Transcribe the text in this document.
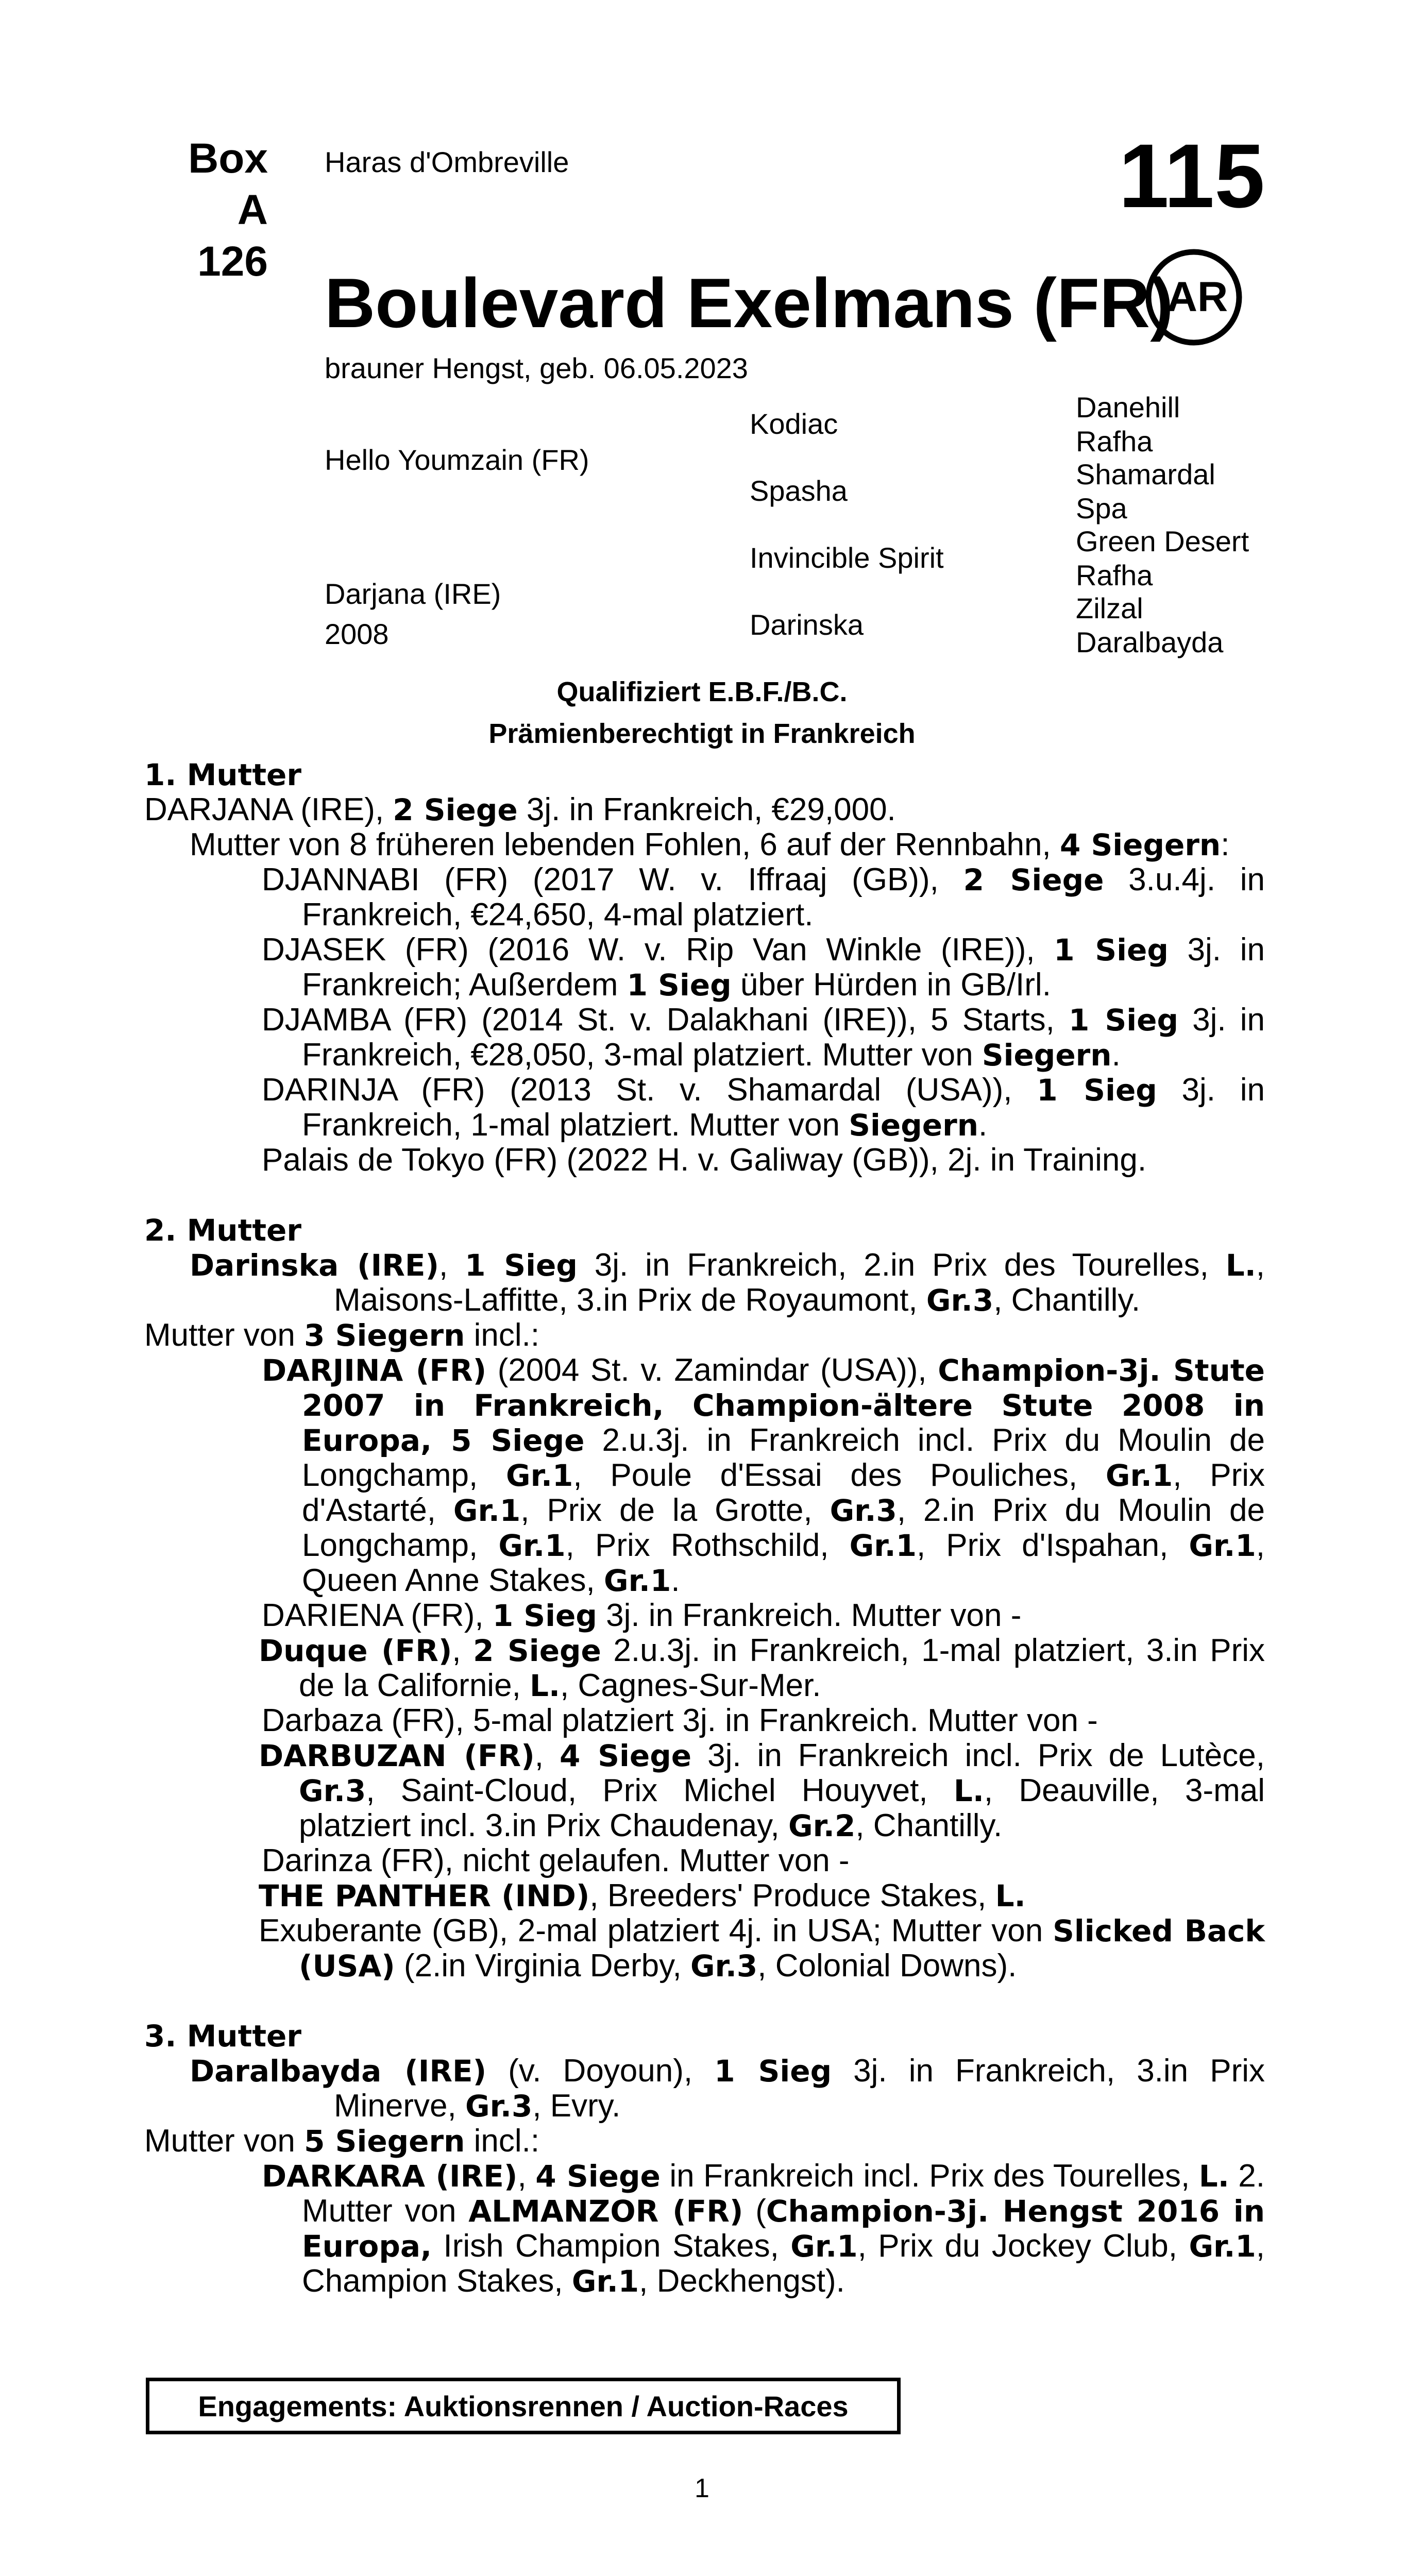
Box
A 126
Haras d'Ombreville	115
Boulevard Exelmans (FR)
AR
brauner Hengst, geb. 06.05.2023
Hello Youmzain (FR)
Darjana (IRE)
2008
Kodiac
Spasha
Invincible Spirit
Darinska
Danehill
Rafha
Shamardal
Spa
Green Desert
Rafha
Zilzal
Daralbayda
Qualifiziert E.B.F./B.C.
Prämienberechtigt in Frankreich
1. Mutter

DARJANA (IRE), 2 Siege 3j. in Frankreich, €29,000.

Mutter von 8 früheren lebenden Fohlen, 6 auf der Rennbahn, 4 Siegern:

DJANNABI (FR) (2017 W. v. Iffraaj (GB)), 2 Siege 3.u.4j. in Frankreich, €24,650, 4-mal platziert.

DJASEK (FR) (2016 W. v. Rip Van Winkle (IRE)), 1 Sieg 3j. in Frankreich; Außerdem 1 Sieg über Hürden in GB/Irl.

DJAMBA (FR) (2014 St. v. Dalakhani (IRE)), 5 Starts, 1 Sieg 3j. in Frankreich, €28,050, 3-mal platziert. Mutter von Siegern.

DARINJA (FR) (2013 St. v. Shamardal (USA)), 1 Sieg 3j. in Frankreich, 1-mal platziert. Mutter von Siegern.

Palais de Tokyo (FR) (2022 H. v. Galiway (GB)), 2j. in Training.

2. Mutter

Darinska (IRE), 1 Sieg 3j. in Frankreich, 2.in Prix des Tourelles, L., Maisons-Laffitte, 3.in Prix de Royaumont, Gr.3, Chantilly.

Mutter von 3 Siegern incl.:

DARJINA (FR) (2004 St. v. Zamindar (USA)), Champion-3j. Stute 2007 in Frankreich, Champion-ältere Stute 2008 in Europa, 5 Siege 2.u.3j. in Frankreich incl. Prix du Moulin de Longchamp, Gr.1, Poule d'Essai des Pouliches, Gr.1, Prix d'Astarté, Gr.1, Prix de la Grotte, Gr.3, 2.in Prix du Moulin de Longchamp, Gr.1, Prix Rothschild, Gr.1, Prix d'Ispahan, Gr.1, Queen Anne Stakes, Gr.1.

DARIENA (FR), 1 Sieg 3j. in Frankreich. Mutter von -

Duque (FR), 2 Siege 2.u.3j. in Frankreich, 1-mal platziert, 3.in Prix de la Californie, L., Cagnes-Sur-Mer.

Darbaza (FR), 5-mal platziert 3j. in Frankreich. Mutter von -

DARBUZAN (FR), 4 Siege 3j. in Frankreich incl. Prix de Lutèce, Gr.3, Saint-Cloud, Prix Michel Houyvet, L., Deauville, 3-mal platziert incl. 3.in Prix Chaudenay, Gr.2, Chantilly.

Darinza (FR), nicht gelaufen. Mutter von -

THE PANTHER (IND), Breeders' Produce Stakes, L.

Exuberante (GB), 2-mal platziert 4j. in USA; Mutter von Slicked Back (USA) (2.in Virginia Derby, Gr.3, Colonial Downs).

3. Mutter

Daralbayda (IRE) (v. Doyoun), 1 Sieg 3j. in Frankreich, 3.in Prix Minerve, Gr.3, Evry.

Mutter von 5 Siegern incl.:

DARKARA (IRE), 4 Siege in Frankreich incl. Prix des Tourelles, L. 2. Mutter von ALMANZOR (FR) (Champion-3j. Hengst 2016 in Europa, Irish Champion Stakes, Gr.1, Prix du Jockey Club, Gr.1, Champion Stakes, Gr.1, Deckhengst).

Engagements: Auktionsrennen / Auction-Races
1
